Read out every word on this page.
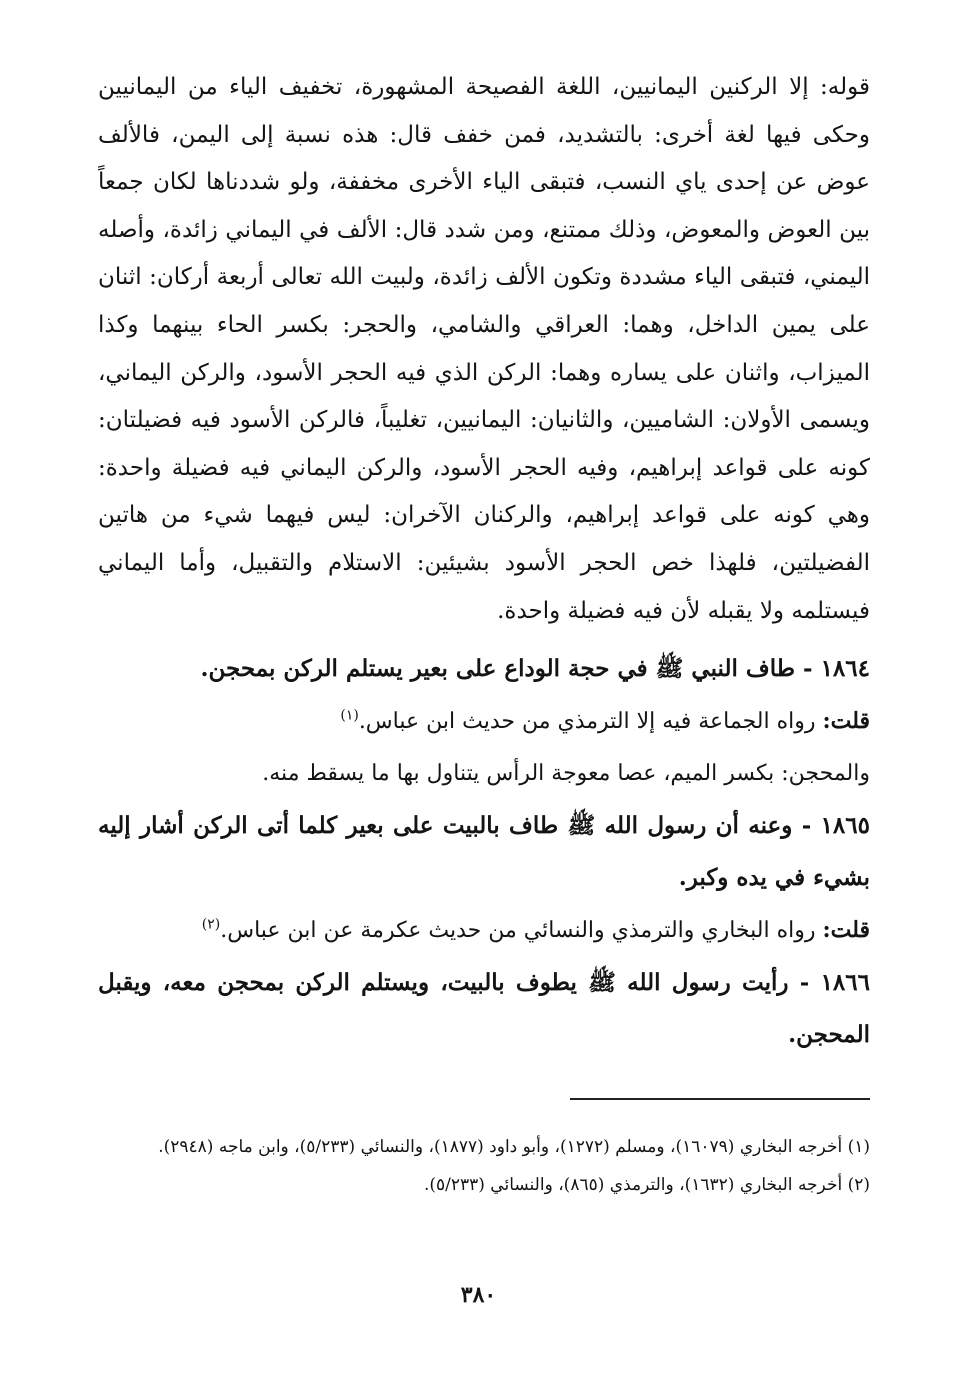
قوله: إلا الركنين اليمانيين، اللغة الفصيحة المشهورة، تخفيف الياء من اليمانيين وحكى فيها لغة أخرى: بالتشديد، فمن خفف قال: هذه نسبة إلى اليمن، فالألف عوض عن إحدى ياي النسب، فتبقى الياء الأخرى مخففة، ولو شددناها لكان جمعاً بين العوض والمعوض، وذلك ممتنع، ومن شدد قال: الألف في اليماني زائدة، وأصله اليمني، فتبقى الياء مشددة وتكون الألف زائدة، ولبيت الله تعالى أربعة أركان: اثنان على يمين الداخل، وهما: العراقي والشامي، والحجر: بكسر الحاء بينهما وكذا الميزاب، واثنان على يساره وهما: الركن الذي فيه الحجر الأسود، والركن اليماني، ويسمى الأولان: الشاميين، والثانيان: اليمانيين، تغليباً، فالركن الأسود فيه فضيلتان: كونه على قواعد إبراهيم، وفيه الحجر الأسود، والركن اليماني فيه فضيلة واحدة: وهي كونه على قواعد إبراهيم، والركنان الآخران: ليس فيهما شيء من هاتين الفضيلتين، فلهذا خص الحجر الأسود بشيئين: الاستلام والتقبيل، وأما اليماني فيستلمه ولا يقبله لأن فيه فضيلة واحدة.

١٨٦٤ - طاف النبي ﷺ في حجة الوداع على بعير يستلم الركن بمحجن.

قلت: رواه الجماعة فيه إلا الترمذي من حديث ابن عباس.$^{(١)}$

والمحجن: بكسر الميم، عصا معوجة الرأس يتناول بها ما يسقط منه.

١٨٦٥ - وعنه أن رسول الله ﷺ طاف بالبيت على بعير كلما أتى الركن أشار إليه بشيء في يده وكبر.

قلت: رواه البخاري والترمذي والنسائي من حديث عكرمة عن ابن عباس.$^{(٢)}$

١٨٦٦ - رأيت رسول الله ﷺ يطوف بالبيت، ويستلم الركن بمحجن معه، ويقبل المحجن.

(١) أخرجه البخاري (١٦٠٧٩)، ومسلم (١٢٧٢)، وأبو داود (١٨٧٧)، والنسائي (٥/٢٣٣)، وابن ماجه (٢٩٤٨).

(٢) أخرجه البخاري (١٦٣٢)، والترمذي (٨٦٥)، والنسائي (٥/٢٣٣).

٣٨٠
